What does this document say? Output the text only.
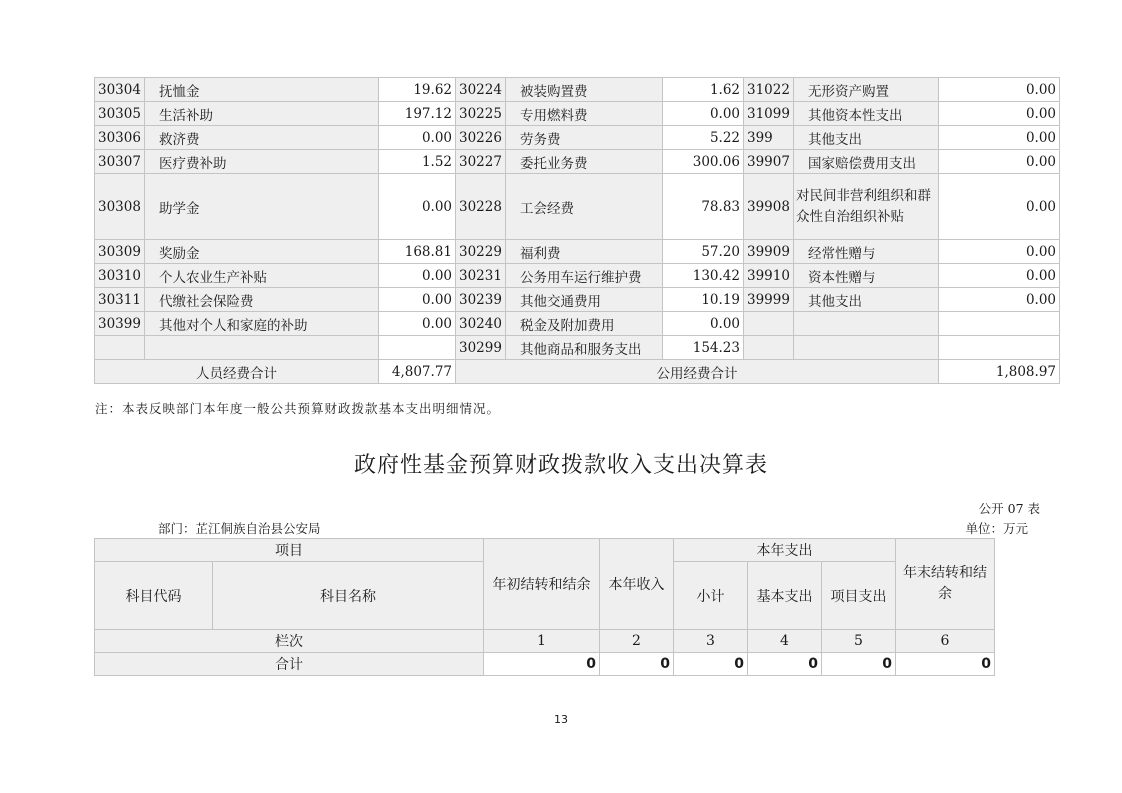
30304	抚恤金	19.62	30224	被装购置费	1.62	31022	无形资产购置	0.00
30305	生活补助	197.12	30225	专用燃料费	0.00	31099	其他资本性支出	0.00
30306	救济费	0.00	30226	劳务费	5.22	399	其他支出	0.00
30307	医疗费补助	1.52	30227	委托业务费	300.06	39907	国家赔偿费用支出	0.00
30308	助学金	0.00	30228	工会经费	78.83	39908	对民间非营利组织和群众性自治组织补贴	0.00
30309	奖励金	168.81	30229	福利费	57.20	39909	经常性赠与	0.00
30310	个人农业生产补贴	0.00	30231	公务用车运行维护费	130.42	39910	资本性赠与	0.00
30311	代缴社会保险费	0.00	30239	其他交通费用	10.19	39999	其他支出	0.00
30399	其他对个人和家庭的补助	0.00	30240	税金及附加费用	0.00			
			30299	其他商品和服务支出	154.23			
人员经费合计		4,807.77	公用经费合计					1,808.97
注：本表反映部门本年度一般公共预算财政拨款基本支出明细情况。
政府性基金预算财政拨款收入支出决算表
公开 07 表
部门：芷江侗族自治县公安局	单位：万元
项目		年初结转和结余	本年收入	本年支出			年末结转和结余
科目代码	科目名称			小计	基本支出	项目支出	
栏次		1	2	3	4	5	6
合计		0	0	0	0	0	0
13
